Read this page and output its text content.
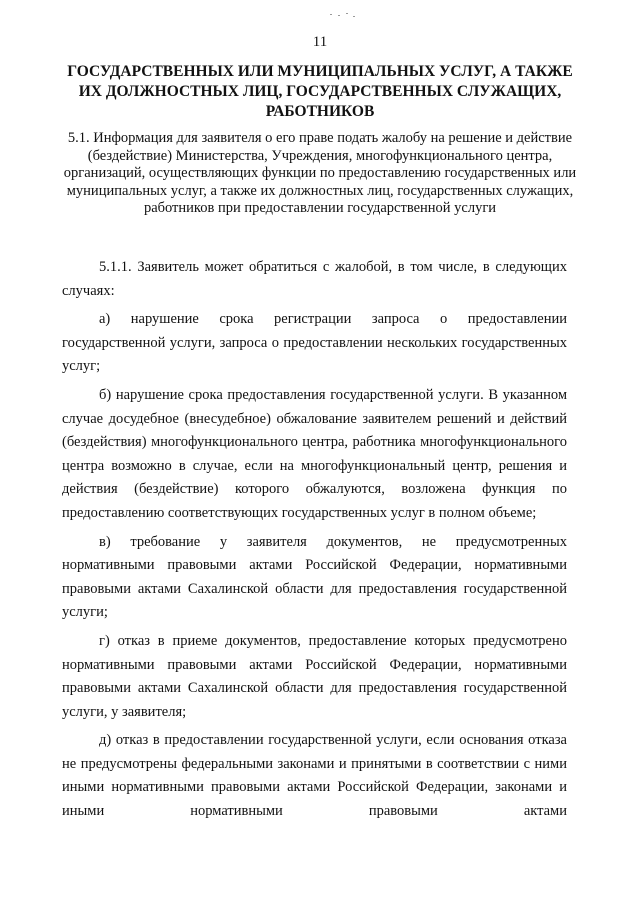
11
ГОСУДАРСТВЕННЫХ ИЛИ МУНИЦИПАЛЬНЫХ УСЛУГ, А ТАКЖЕ ИХ ДОЛЖНОСТНЫХ ЛИЦ, ГОСУДАРСТВЕННЫХ СЛУЖАЩИХ, РАБОТНИКОВ
5.1. Информация для заявителя о его праве подать жалобу на решение и действие (бездействие) Министерства, Учреждения, многофункционального центра, организаций, осуществляющих функции по предоставлению государственных или муниципальных услуг, а также их должностных лиц, государственных служащих, работников при предоставлении государственной услуги

5.1.1. Заявитель может обратиться с жалобой, в том числе, в следующих случаях:

а) нарушение срока регистрации запроса о предоставлении государственной услуги, запроса о предоставлении нескольких государственных услуг;

б) нарушение срока предоставления государственной услуги. В указанном случае досудебное (внесудебное) обжалование заявителем решений и действий (бездействия) многофункционального центра, работника многофункционального центра возможно в случае, если на многофункциональный центр, решения и действия (бездействие) которого обжалуются, возложена функция по предоставлению соответствующих государственных услуг в полном объеме;

в) требование у заявителя документов, не предусмотренных нормативными правовыми актами Российской Федерации, нормативными правовыми актами Сахалинской области для предоставления государственной услуги;

г) отказ в приеме документов, предоставление которых предусмотрено нормативными правовыми актами Российской Федерации, нормативными правовыми актами Сахалинской области для предоставления государственной услуги, у заявителя;

д) отказ в предоставлении государственной услуги, если основания отказа не предусмотрены федеральными законами и принятыми в соответствии с ними иными нормативными правовыми актами Российской Федерации, законами и иными нормативными правовыми актами
